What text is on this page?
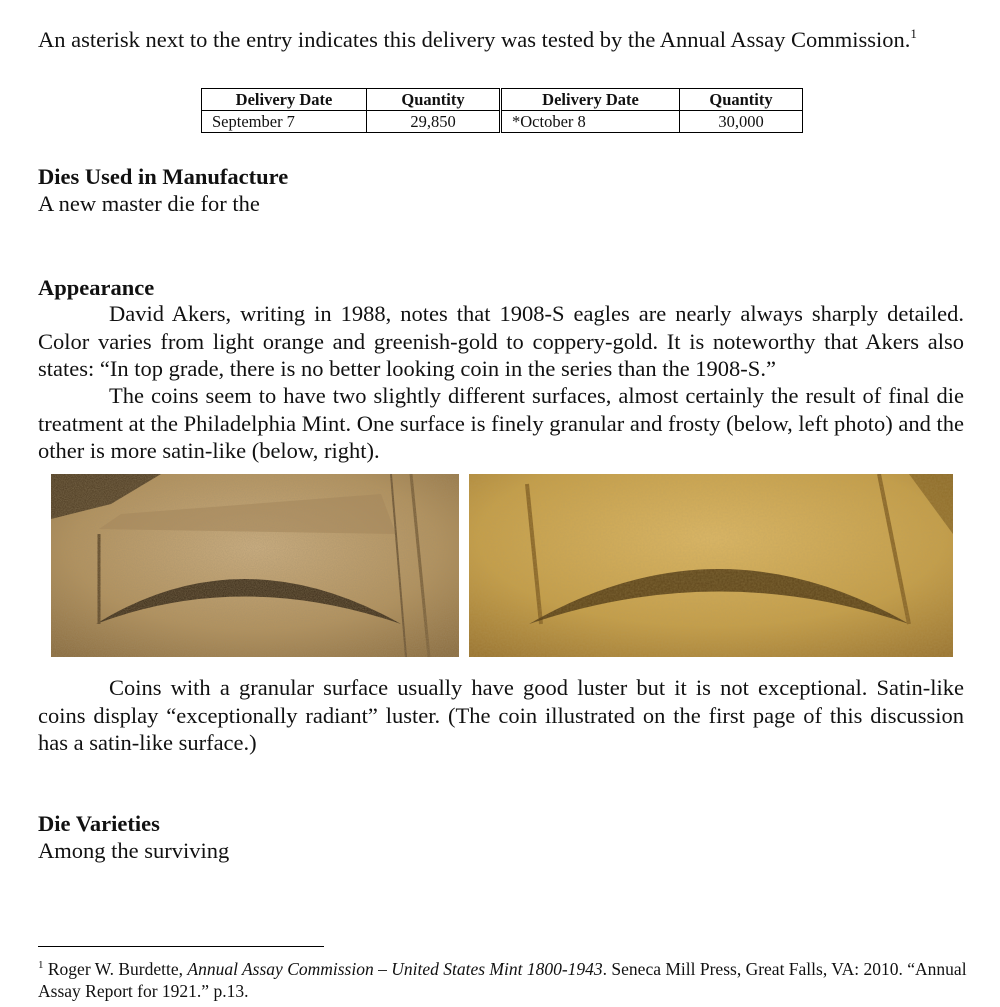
An asterisk next to the entry indicates this delivery was tested by the Annual Assay Commission.$^1$
Delivery Date	Quantity	Delivery Date	Quantity
September 7	29,850	*October 8	30,000
Dies Used in Manufacture
A new master die for the
Appearance
David Akers, writing in 1988, notes that 1908-S eagles are nearly always sharply detailed. Color varies from light orange and greenish-gold to coppery-gold. It is noteworthy that Akers also states: “In top grade, there is no better looking coin in the series than the 1908-S.”
The coins seem to have two slightly different surfaces, almost certainly the result of final die treatment at the Philadelphia Mint. One surface is finely granular and frosty (below, left photo) and the other is more satin-like (below, right).
Coins with a granular surface usually have good luster but it is not exceptional. Satin-like coins display “exceptionally radiant” luster. (The coin illustrated on the first page of this discussion has a satin-like surface.)
Die Varieties
Among the surviving
$^1$ Roger W. Burdette, Annual Assay Commission – United States Mint 1800-1943. Seneca Mill Press, Great Falls, VA: 2010. “Annual Assay Report for 1921.” p.13.
